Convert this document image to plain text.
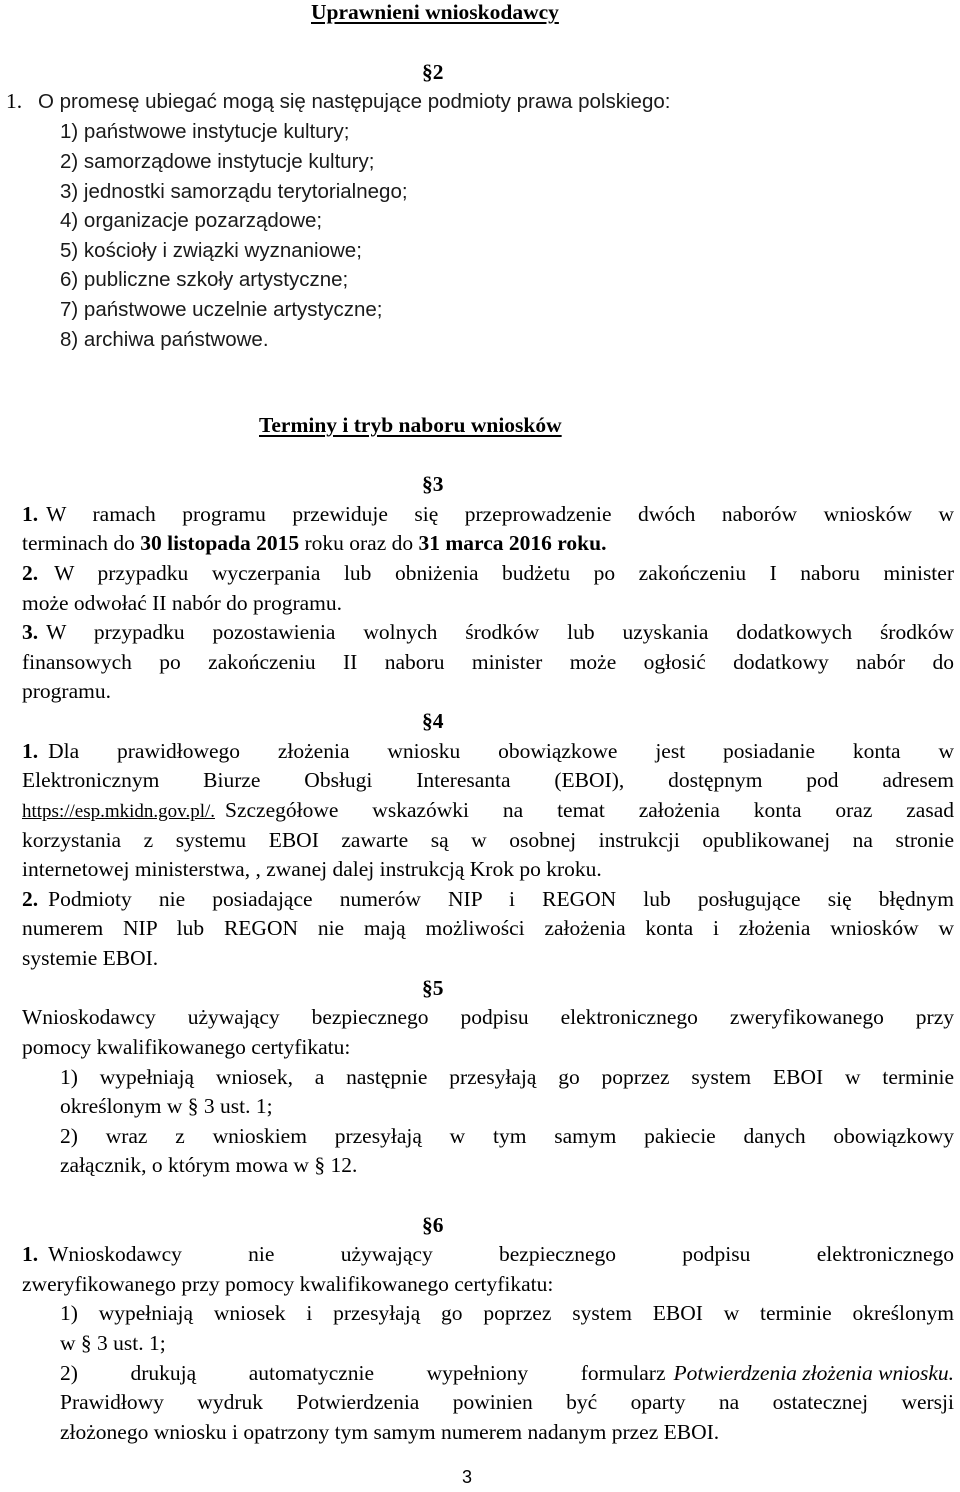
Uprawnieni wnioskodawcy
§2
1. O promesę ubiegać mogą się następujące podmioty prawa polskiego:
1) państwowe instytucje kultury;
2) samorządowe instytucje kultury;
3) jednostki samorządu terytorialnego;
4) organizacje pozarządowe;
5) kościoły i związki wyznaniowe;
6) publiczne szkoły artystyczne;
7) państwowe uczelnie artystyczne;
8) archiwa państwowe.
Terminy i tryb naboru wniosków
§3
1. W ramach programu przewiduje się przeprowadzenie dwóch naborów wniosków w
terminach do 30 listopada 2015 roku oraz do 31 marca 2016 roku.
2. W przypadku wyczerpania lub obniżenia budżetu po zakończeniu I naboru minister
może odwołać II nabór do programu.
3. W przypadku pozostawienia wolnych środków lub uzyskania dodatkowych środków
finansowych po zakończeniu II naboru minister może ogłosić dodatkowy nabór do
programu.
§4
1. Dla prawidłowego złożenia wniosku obowiązkowe jest posiadanie konta w
Elektronicznym Biurze Obsługi Interesanta (EBOI), dostępnym pod adresem
https://esp.mkidn.gov.pl/. Szczegółowe wskazówki na temat założenia konta oraz zasad
korzystania z systemu EBOI zawarte są w osobnej instrukcji opublikowanej na stronie
internetowej ministerstwa, , zwanej dalej instrukcją Krok po kroku.
2. Podmioty nie posiadające numerów NIP i REGON lub posługujące się błędnym
numerem NIP lub REGON nie mają możliwości założenia konta i złożenia wniosków w
systemie EBOI.
§5
Wnioskodawcy używający bezpiecznego podpisu elektronicznego zweryfikowanego przy
pomocy kwalifikowanego certyfikatu:
1) wypełniają wniosek, a następnie przesyłają go poprzez system EBOI w terminie
określonym w § 3 ust. 1;
2) wraz z wnioskiem przesyłają w tym samym pakiecie danych obowiązkowy
załącznik, o którym mowa w § 12.
§6
1. Wnioskodawcy nie używający bezpiecznego podpisu elektronicznego
zweryfikowanego przy pomocy kwalifikowanego certyfikatu:
1) wypełniają wniosek i przesyłają go poprzez system EBOI w terminie określonym
w § 3 ust. 1;
2) drukują automatycznie wypełniony formularz Potwierdzenia złożenia wniosku.
Prawidłowy wydruk Potwierdzenia powinien być oparty na ostatecznej wersji
złożonego wniosku i opatrzony tym samym numerem nadanym przez EBOI.
3
